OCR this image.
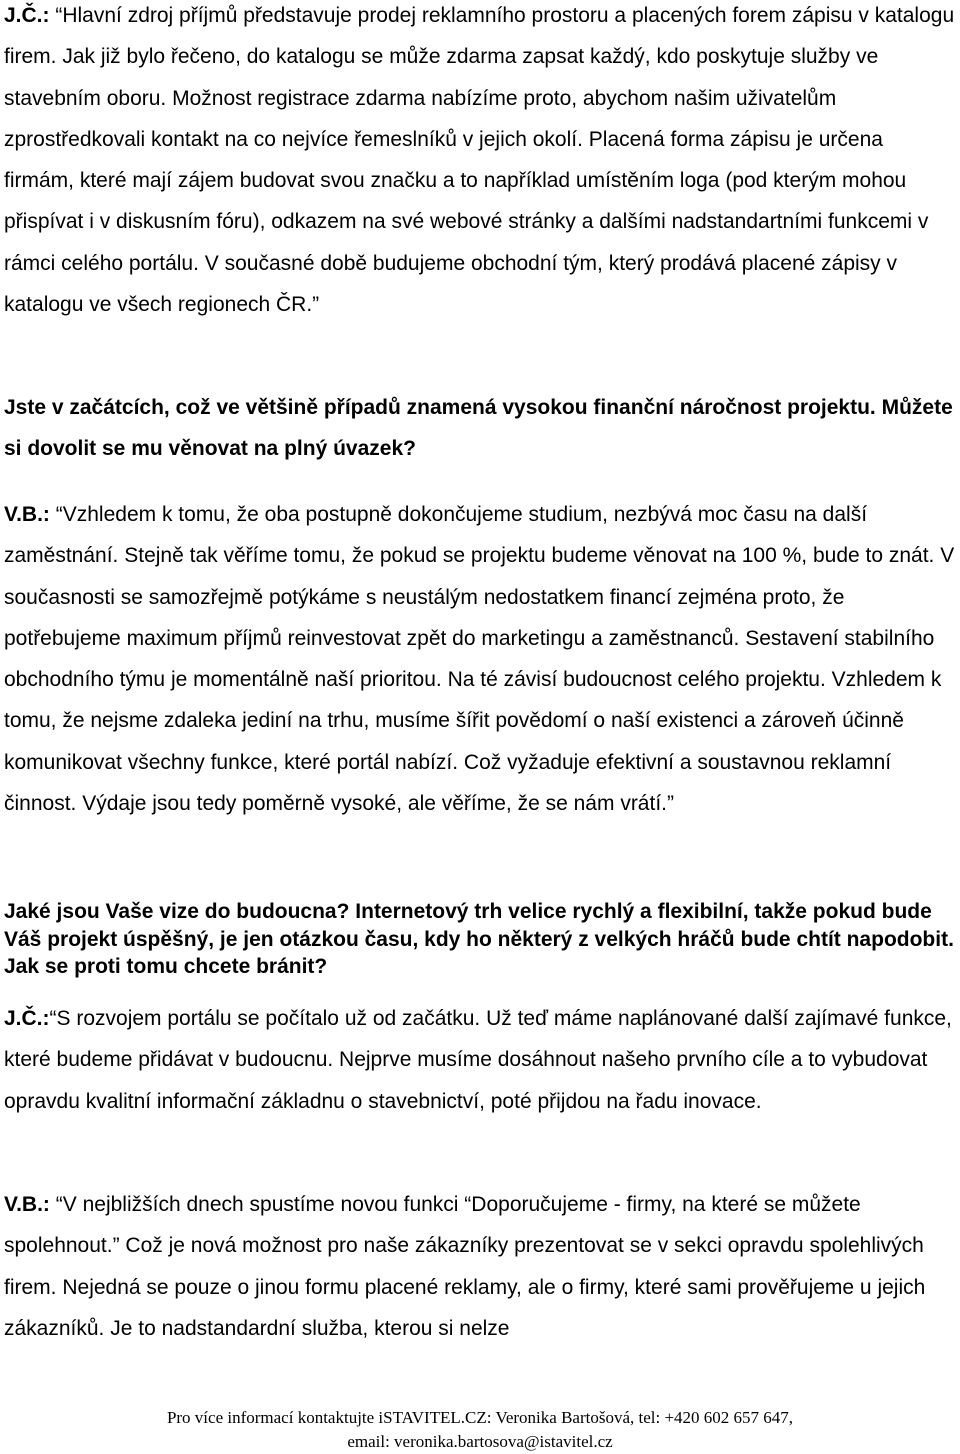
J.Č.: “Hlavní zdroj příjmů představuje prodej reklamního prostoru a placených forem zápisu v katalogu firem. Jak již bylo řečeno, do katalogu se může zdarma zapsat každý, kdo poskytuje služby ve stavebním oboru. Možnost registrace zdarma nabízíme proto, abychom našim uživatelům zprostředkovali kontakt na co nejvíce řemeslníků v jejich okolí. Placená forma zápisu je určena firmám, které mají zájem budovat svou značku a to například umístěním loga (pod kterým mohou přispívat i v diskusním fóru), odkazem na své webové stránky a dalšími nadstandartními funkcemi v rámci celého portálu. V současné době budujeme obchodní tým, který prodává placené zápisy v katalogu ve všech regionech ČR.”

Jste v začátcích, což ve většině případů znamená vysokou finanční náročnost projektu. Můžete si dovolit se mu věnovat na plný úvazek?

V.B.: “Vzhledem k tomu, že oba postupně dokončujeme studium, nezbývá moc času na další zaměstnání. Stejně tak věříme tomu, že pokud se projektu budeme věnovat na 100 %, bude to znát. V současnosti se samozřejmě potýkáme s neustálým nedostatkem financí zejména proto, že potřebujeme maximum příjmů reinvestovat zpět do marketingu a zaměstnanců. Sestavení stabilního obchodního týmu je momentálně naší prioritou. Na té závisí budoucnost celého projektu. Vzhledem k tomu, že nejsme zdaleka jediní na trhu, musíme šířit povědomí o naší existenci a zároveň účinně komunikovat všechny funkce, které portál nabízí. Což vyžaduje efektivní a soustavnou reklamní činnost. Výdaje jsou tedy poměrně vysoké, ale věříme, že se nám vrátí.”

Jaké jsou Vaše vize do budoucna? Internetový trh velice rychlý a flexibilní, takže pokud bude Váš projekt úspěšný, je jen otázkou času, kdy ho některý z velkých hráčů bude chtít napodobit. Jak se proti tomu chcete bránit?

J.Č.:“S rozvojem portálu se počítalo už od začátku. Už teď máme naplánované další zajímavé funkce, které budeme přidávat v budoucnu. Nejprve musíme dosáhnout našeho prvního cíle a to vybudovat opravdu kvalitní informační základnu o stavebnictví, poté přijdou na řadu inovace.

V.B.: “V nejbližších dnech spustíme novou funkci “Doporučujeme - firmy, na které se můžete spolehnout.” Což je nová možnost pro naše zákazníky prezentovat se v sekci opravdu spolehlivých firem. Nejedná se pouze o jinou formu placené reklamy, ale o firmy, které sami prověřujeme u jejich zákazníků. Je to nadstandardní služba, kterou si nelze

Pro více informací kontaktujte iSTAVITEL.CZ: Veronika Bartošová, tel: +420 602 657 647,
email: veronika.bartosova@istavitel.cz
